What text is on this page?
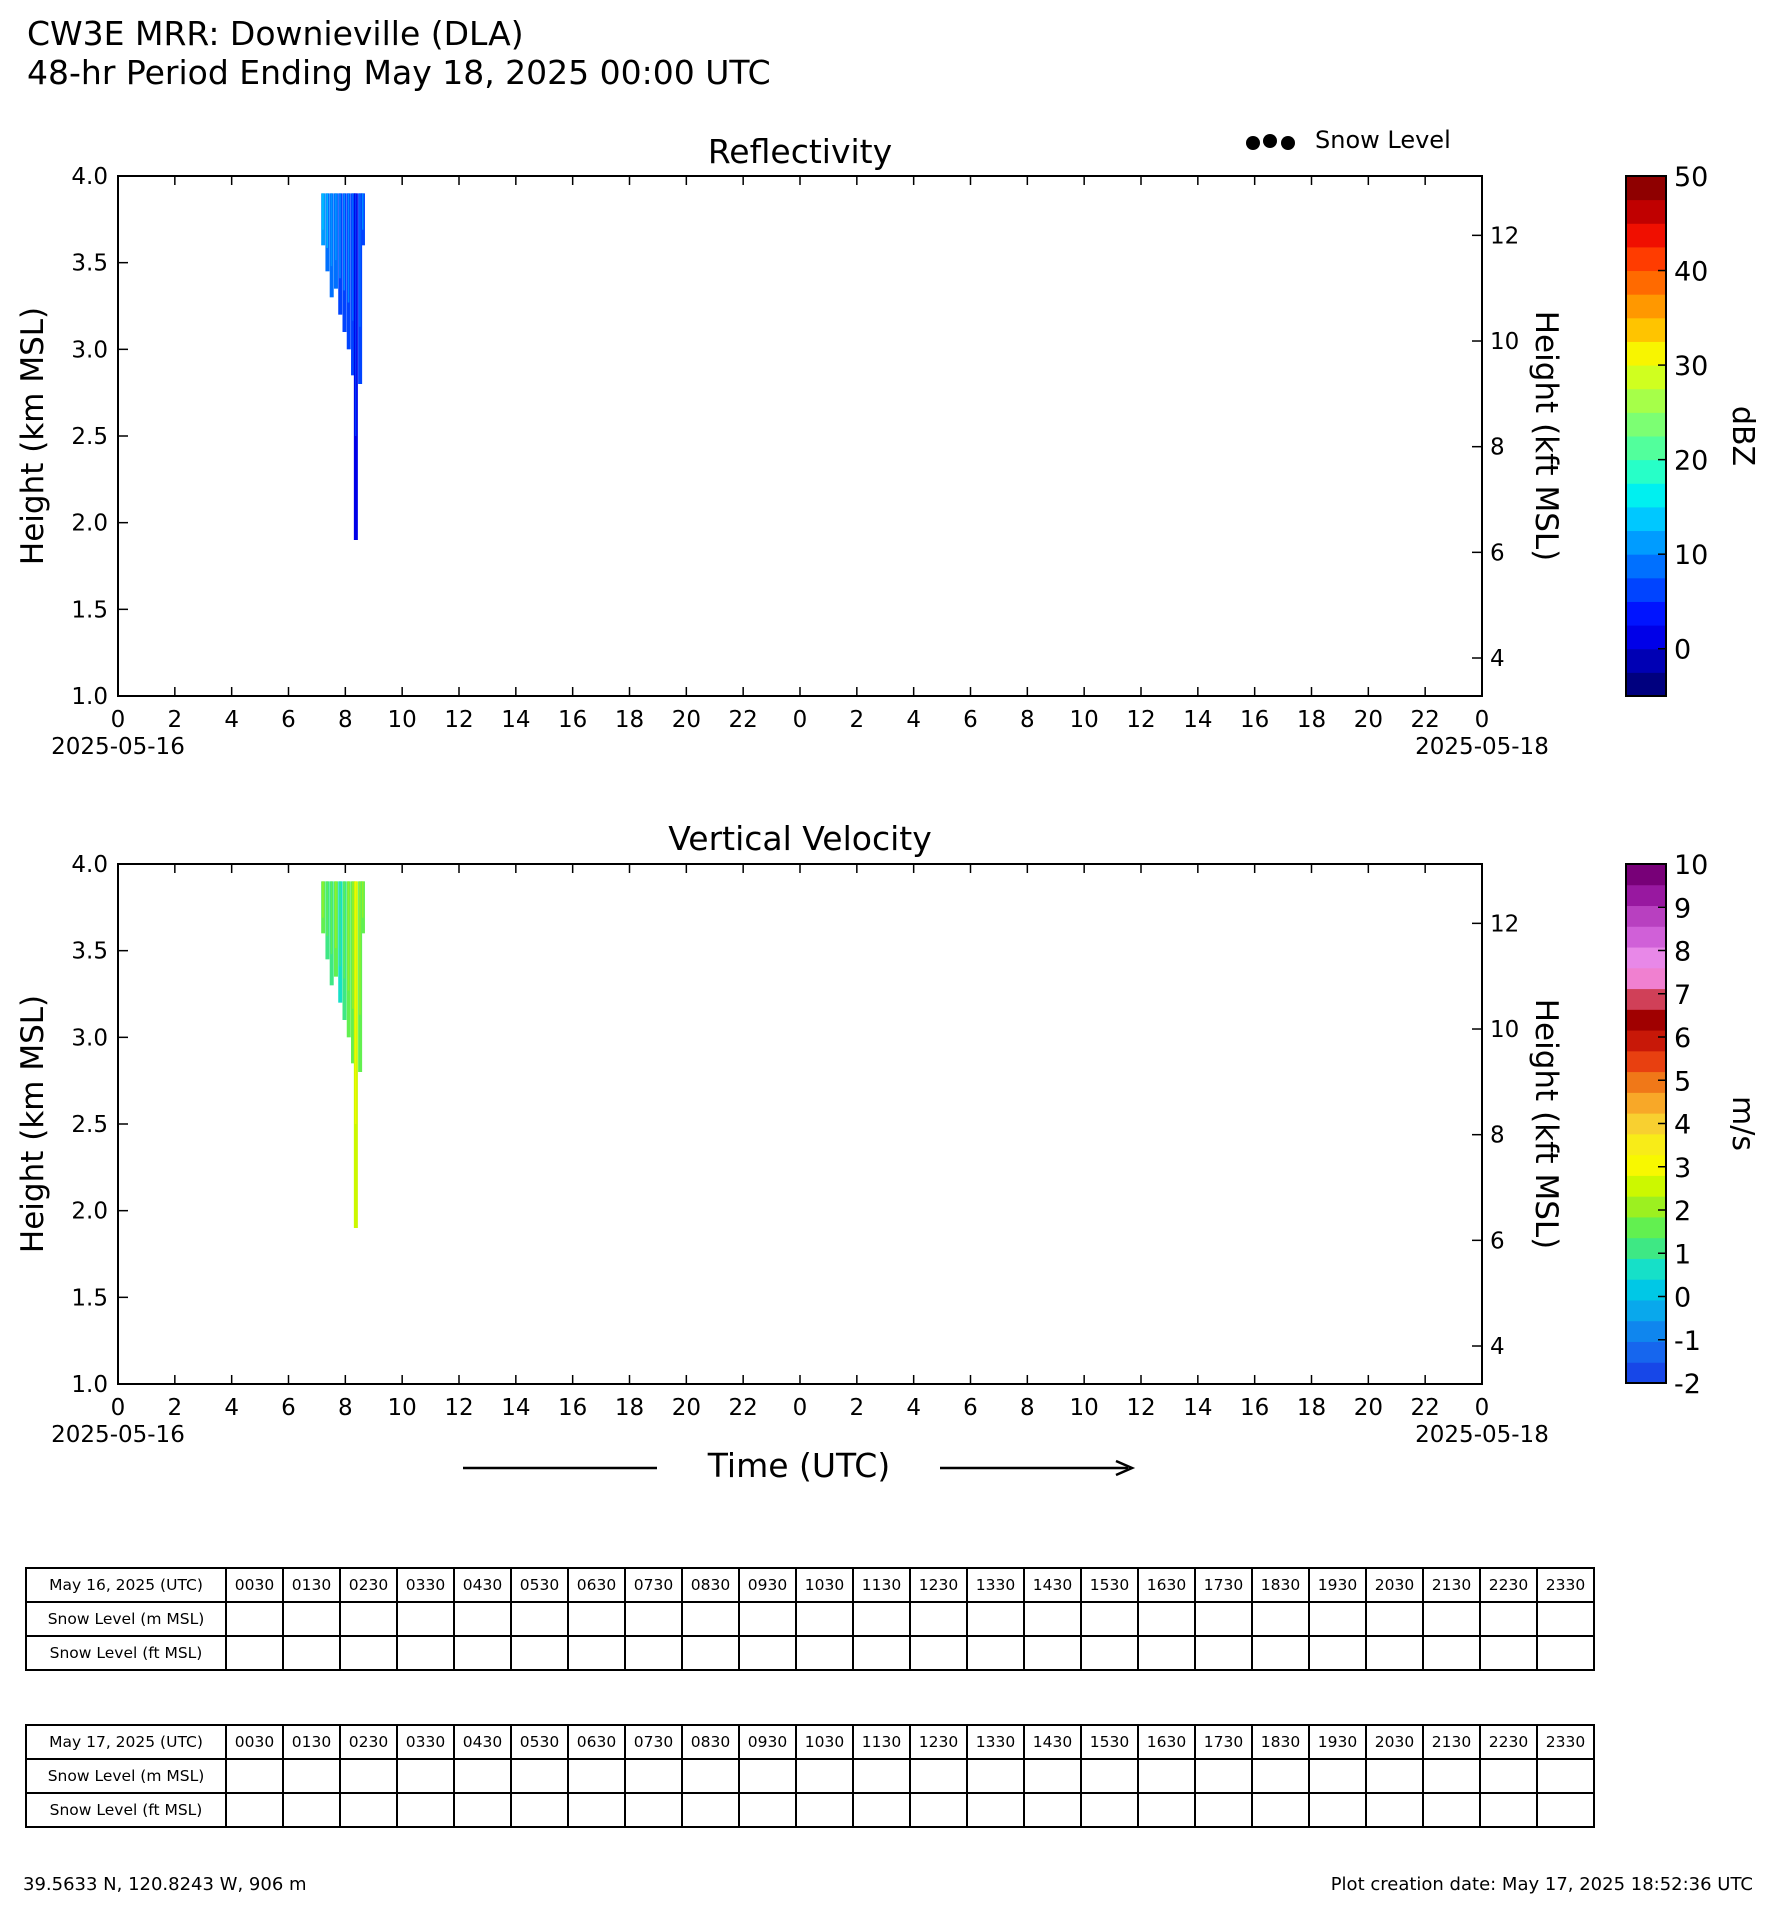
CW3E MRR: Downieville (DLA)
48-hr Period Ending May 18, 2025 00:00 UTC
Reflectivity
1.0
1.5
2.0
2.5
3.0
3.5
4.0
Height (km MSL)
4
6
8
10
12
Height (kft MSL)
0 2 4 6 8 10 12 14 16 18 20 22 0 2 4 6 8 10 12 14 16 18 20 22 0
2025-05-16	2025-05-18
0
10
20
30
40
50
dBZ
Snow Level
Vertical Velocity
1.0
1.5
2.0
2.5
3.0
3.5
4.0
Height (km MSL)
4
6
8
10
12
Height (kft MSL)
0 2 4 6 8 10 12 14 16 18 20 22 0 2 4 6 8 10 12 14 16 18 20 22 0
2025-05-16	2025-05-18
-2
-1
0
1
2
3
4
5
6
7
8
9
10
m/s
Time (UTC)
May 16, 2025 (UTC)	0030	0130	0230	0330	0430	0530	0630	0730	0830	0930	1030	1130	1230	1330	1430	1530	1630	1730	1830	1930	2030	2130	2230	2330
Snow Level (m MSL)																								
Snow Level (ft MSL)																								
May 17, 2025 (UTC)	0030	0130	0230	0330	0430	0530	0630	0730	0830	0930	1030	1130	1230	1330	1430	1530	1630	1730	1830	1930	2030	2130	2230	2330
Snow Level (m MSL)																								
Snow Level (ft MSL)																								
39.5633 N, 120.8243 W, 906 m	Plot creation date: May 17, 2025 18:52:36 UTC
